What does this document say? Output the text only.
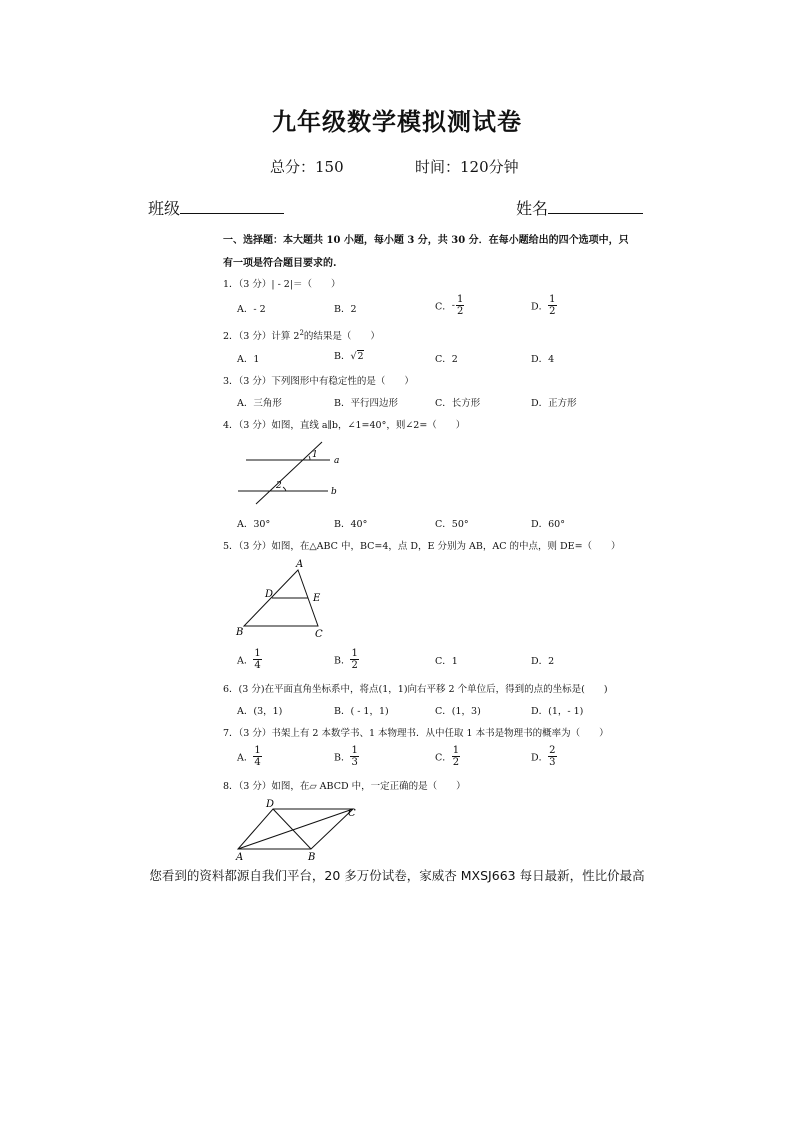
九年级数学模拟测试卷
总分：150	时间：120分钟
班级	姓名
一、选择题：本大题共 10 小题，每小题 3 分，共 30 分．在每小题给出的四个选项中，只
有一项是符合题目要求的.
1．（3 分）| - 2|＝（　　）
A．- 2	B．2	C．- $\frac{1}{2}$	D． $\frac{1}{2}$
2．（3 分）计算 $2^2$的结果是（　　）
A．1	B．√2	C．2	D．4
3．（3 分）下列图形中有稳定性的是（　　）
A．三角形	B．平行四边形	C．长方形	D．正方形
4．（3 分）如图，直线 a∥b，∠1=40°，则∠2=（　　）
1
a
2
b
A．30°	B．40°	C．50°	D．60°
5．（3 分）如图，在△ABC 中，BC=4，点 D，E 分别为 AB，AC 的中点，则 DE=（　　）
A
D	E
B	C
A． $\frac{1}{4}$	B． $\frac{1}{2}$	C．1	D．2
6．(3 分)在平面直角坐标系中，将点(1，1)向右平移 2 个单位后，得到的点的坐标是(　　)
A．(3，1)	B．( - 1，1)	C．(1，3)	D．(1，- 1)
7．（3 分）书架上有 2 本数学书、1 本物理书．从中任取 1 本书是物理书的概率为（　　）
A． $\frac{1}{4}$	B． $\frac{1}{3}$	C． $\frac{1}{2}$	D． $\frac{2}{3}$
8．（3 分）如图，在▱ ABCD 中，一定正确的是（　　）
D
C
A	B
您看到的资料都源自我们平台，20 多万份试卷，家威杏 MXSJ663 每日最新，性比价最高
